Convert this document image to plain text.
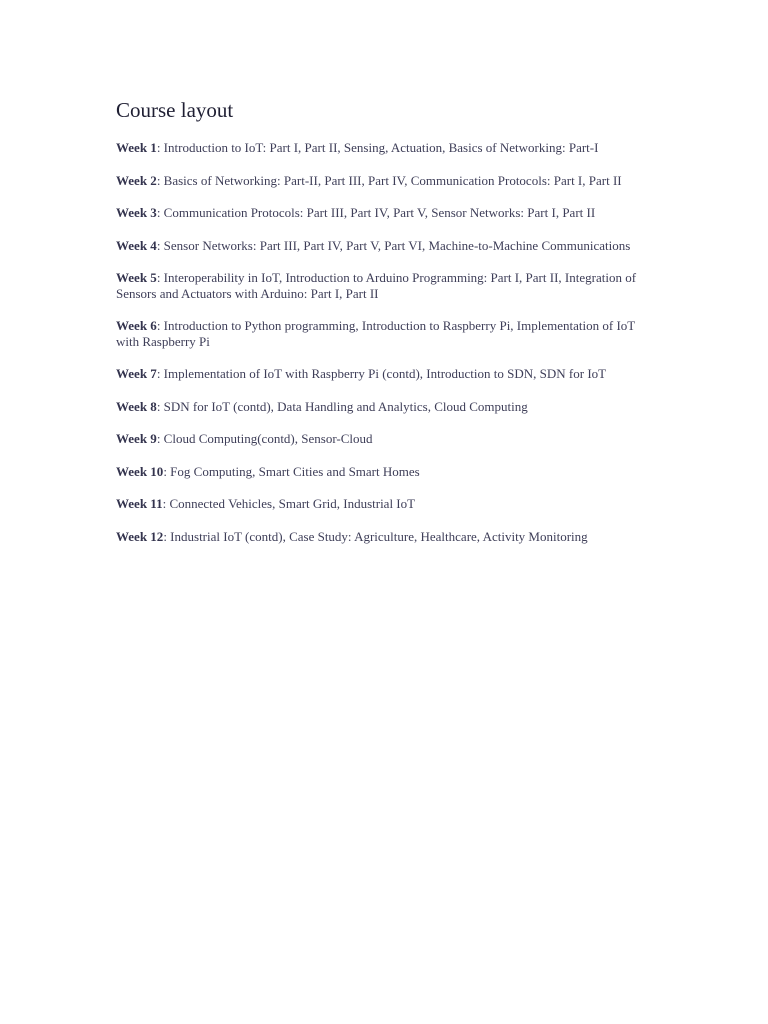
Course layout
Week 1: Introduction to IoT: Part I, Part II, Sensing, Actuation, Basics of Networking: Part-I
Week 2: Basics of Networking: Part-II, Part III, Part IV, Communication Protocols: Part I, Part II
Week 3: Communication Protocols: Part III, Part IV, Part V, Sensor Networks: Part I, Part II
Week 4: Sensor Networks: Part III, Part IV, Part V, Part VI, Machine-to-Machine Communications
Week 5: Interoperability in IoT, Introduction to Arduino Programming: Part I, Part II, Integration of Sensors and Actuators with Arduino: Part I, Part II
Week 6: Introduction to Python programming, Introduction to Raspberry Pi, Implementation of IoT with Raspberry Pi
Week 7: Implementation of IoT with Raspberry Pi (contd), Introduction to SDN, SDN for IoT
Week 8: SDN for IoT (contd), Data Handling and Analytics, Cloud Computing
Week 9: Cloud Computing(contd), Sensor-Cloud
Week 10: Fog Computing, Smart Cities and Smart Homes
Week 11: Connected Vehicles, Smart Grid, Industrial IoT
Week 12: Industrial IoT (contd), Case Study: Agriculture, Healthcare, Activity Monitoring
